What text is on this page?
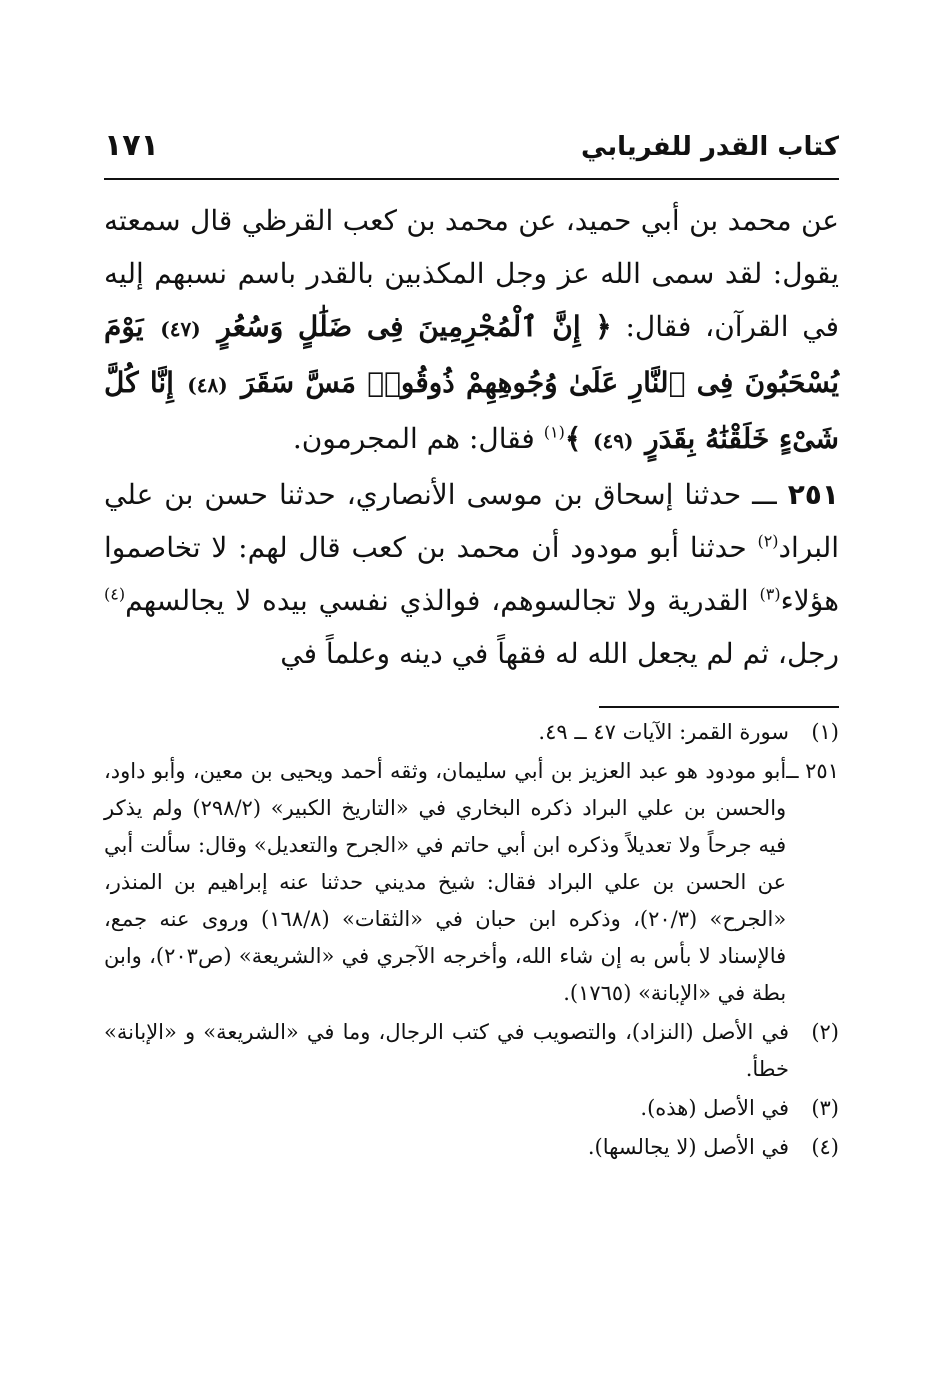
كتاب القدر للفريابي
١٧١

عن محمد بن أبي حميد، عن محمد بن كعب القرظي قال سمعته يقول: لقد سمى الله عز وجل المكذبين بالقدر باسم نسبهم إليه في القرآن، فقال: ﴿ إِنَّ ٱلْمُجْرِمِينَ فِى ضَلَٰلٍ وَسُعُرٍ (٤٧) يَوْمَ يُسْحَبُونَ فِى ٱلنَّارِ عَلَىٰ وُجُوهِهِمْ ذُوقُوا۟ مَسَّ سَقَرَ (٤٨) إِنَّا كُلَّ شَىْءٍ خَلَقْنَٰهُ بِقَدَرٍ (٤٩) ﴾$^{(١)}$ فقال: هم المجرمون.

٢٥١ ـــ حدثنا إسحاق بن موسى الأنصاري، حدثنا حسن بن علي البراد$^{(٢)}$ حدثنا أبو مودود أن محمد بن كعب قال لهم: لا تخاصموا هؤلاء$^{(٣)}$ القدرية ولا تجالسوهم، فوالذي نفسي بيده لا يجالسهم$^{(٤)}$ رجل، ثم لم يجعل الله له فقهاً في دينه وعلماً في

(١)
سورة القمر: الآيات ٤٧ ــ ٤٩.
٢٥١ ــ
أبو مودود هو عبد العزيز بن أبي سليمان، وثقه أحمد ويحيى بن معين، وأبو داود، والحسن بن علي البراد ذكره البخاري في «التاريخ الكبير» (٢٩٨/٢) ولم يذكر فيه جرحاً ولا تعديلاً وذكره ابن أبي حاتم في «الجرح والتعديل» وقال: سألت أبي عن الحسن بن علي البراد فقال: شيخ مديني حدثنا عنه إبراهيم بن المنذر، «الجرح» (٢٠/٣)، وذكره ابن حبان في «الثقات» (١٦٨/٨) وروى عنه جمع، فالإسناد لا بأس به إن شاء الله، وأخرجه الآجري في «الشريعة» (ص٢٠٣)، وابن بطة في «الإبانة» (١٧٦٥).
(٢)
في الأصل (النزاد)، والتصويب في كتب الرجال، وما في «الشريعة» و «الإبانة» خطأ.
(٣)
في الأصل (هذه).
(٤)
في الأصل (لا يجالسها).
